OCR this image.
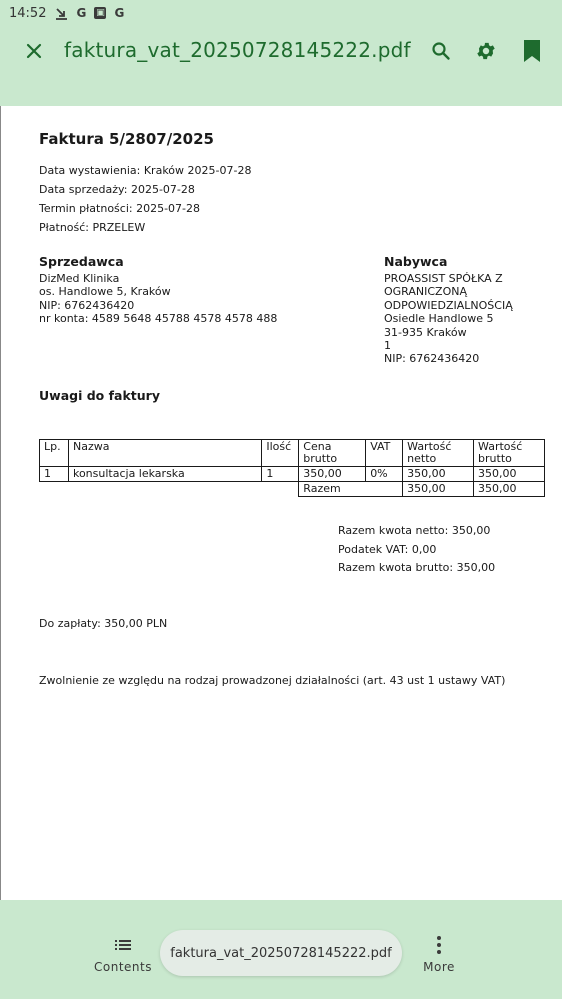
14:52	G ▣ G
faktura_vat_20250728145222.pdf
Faktura 5/2807/2025
Data wystawienia: Kraków 2025-07-28
Data sprzedaży: 2025-07-28
Termin płatności: 2025-07-28
Płatność: PRZELEW
Sprzedawca
DizMed Klinika
os. Handlowe 5, Kraków
NIP: 6762436420
nr konta: 4589 5648 45788 4578 4578 488
Nabywca
PROASSIST SPÓŁKA Z
OGRANICZONĄ
ODPOWIEDZIALNOŚCIĄ
Osiedle Handlowe 5
31-935 Kraków
1
NIP: 6762436420
Uwagi do faktury
Lp.	Nazwa	Ilość	Cena brutto	VAT	Wartość netto	Wartość brutto
1	konsultacja lekarska	1	350,00	0%	350,00	350,00
			Razem		350,00	350,00
Razem kwota netto: 350,00
Podatek VAT: 0,00
Razem kwota brutto: 350,00
Do zapłaty: 350,00 PLN
Zwolnienie ze względu na rodzaj prowadzonej działalności (art. 43 ust 1 ustawy VAT)
Contents	More
faktura_vat_20250728145222.pdf
